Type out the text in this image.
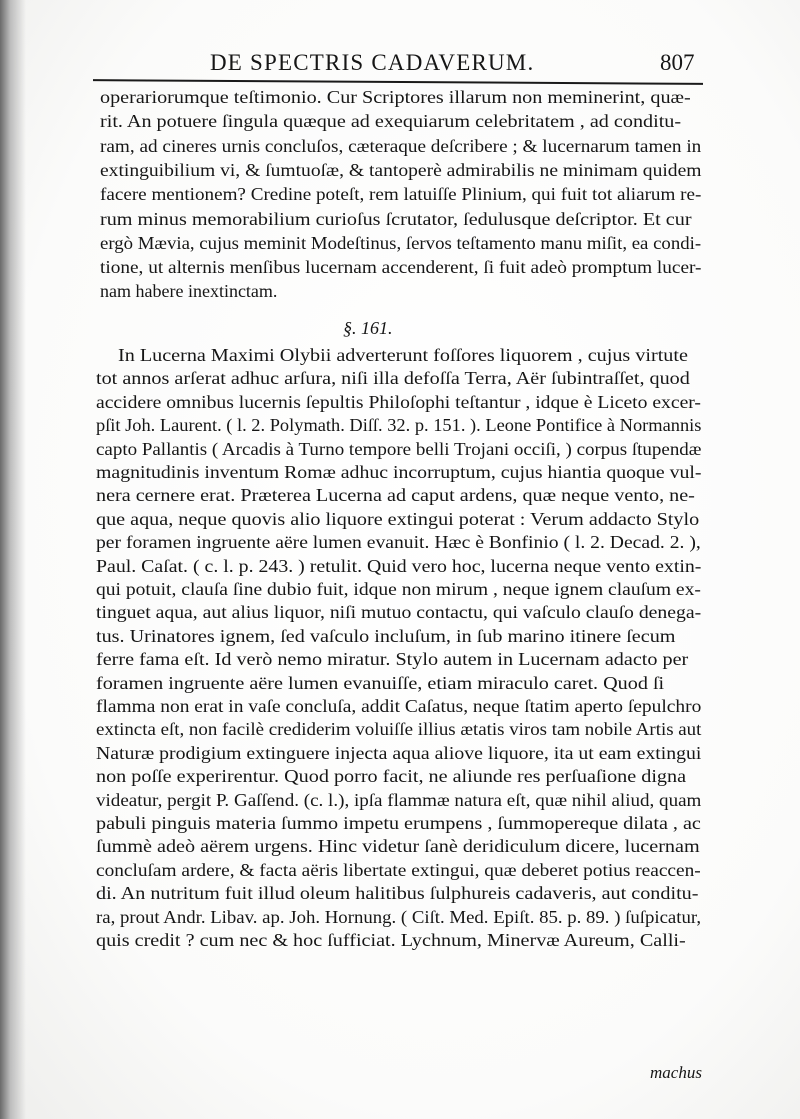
DE SPECTRIS CADAVERUM.	807
operariorumque teſtimonio. Cur Scriptores illarum non meminerint, quæ-
rit. An potuere ſingula quæque ad exequiarum celebritatem , ad conditu-
ram, ad cineres urnis concluſos, cæteraque deſcribere ; & lucernarum tamen in
extinguibilium vi, & ſumtuoſæ, & tantoperè admirabilis ne minimam quidem
facere mentionem? Credine poteſt, rem latuiſſe Plinium, qui fuit tot aliarum re-
rum minus memorabilium curioſus ſcrutator, ſedulusque deſcriptor. Et cur
ergò Mævia, cujus meminit Modeſtinus, ſervos teſtamento manu miſit, ea condi-
tione, ut alternis menſibus lucernam accenderent, ſi fuit adeò promptum lucer-
nam habere inextinctam.
§. 161.
In Lucerna Maximi Olybii adverterunt foſſores liquorem , cujus virtute
tot annos arſerat adhuc arſura, niſi illa defoſſa Terra, Aër ſubintraſſet, quod
accidere omnibus lucernis ſepultis Philoſophi teſtantur , idque è Liceto excer-
pſit Joh. Laurent. ( l. 2. Polymath. Diſſ. 32. p. 151. ). Leone Pontifice à Normannis
capto Pallantis ( Arcadis à Turno tempore belli Trojani occiſi, ) corpus ſtupendæ
magnitudinis inventum Romæ adhuc incorruptum, cujus hiantia quoque vul-
nera cernere erat. Præterea Lucerna ad caput ardens, quæ neque vento, ne-
que aqua, neque quovis alio liquore extingui poterat : Verum addacto Stylo
per foramen ingruente aëre lumen evanuit. Hæc è Bonfinio ( l. 2. Decad. 2. ),
Paul. Caſat. ( c. l. p. 243. ) retulit. Quid vero hoc, lucerna neque vento extin-
qui potuit, clauſa ſine dubio fuit, idque non mirum , neque ignem clauſum ex-
tinguet aqua, aut alius liquor, niſi mutuo contactu, qui vaſculo clauſo denega-
tus. Urinatores ignem, ſed vaſculo incluſum, in ſub marino itinere ſecum
ferre fama eſt. Id verò nemo miratur. Stylo autem in Lucernam adacto per
foramen ingruente aëre lumen evanuiſſe, etiam miraculo caret. Quod ſi
flamma non erat in vaſe concluſa, addit Caſatus, neque ſtatim aperto ſepulchro
extincta eſt, non facilè crediderim voluiſſe illius ætatis viros tam nobile Artis aut
Naturæ prodigium extinguere injecta aqua aliove liquore, ita ut eam extingui
non poſſe experirentur. Quod porro facit, ne aliunde res perſuaſione digna
videatur, pergit P. Gaſſend. (c. l.), ipſa flammæ natura eſt, quæ nihil aliud, quam
pabuli pinguis materia ſummo impetu erumpens , ſummopereque dilata , ac
ſummè adeò aërem urgens. Hinc videtur ſanè deridiculum dicere, lucernam
concluſam ardere, & facta aëris libertate extingui, quæ deberet potius reaccen-
di. An nutritum fuit illud oleum halitibus ſulphureis cadaveris, aut conditu-
ra, prout Andr. Libav. ap. Joh. Hornung. ( Ciſt. Med. Epiſt. 85. p. 89. ) ſuſpicatur,
quis credit ? cum nec & hoc ſufficiat. Lychnum, Minervæ Aureum, Calli-
machus
